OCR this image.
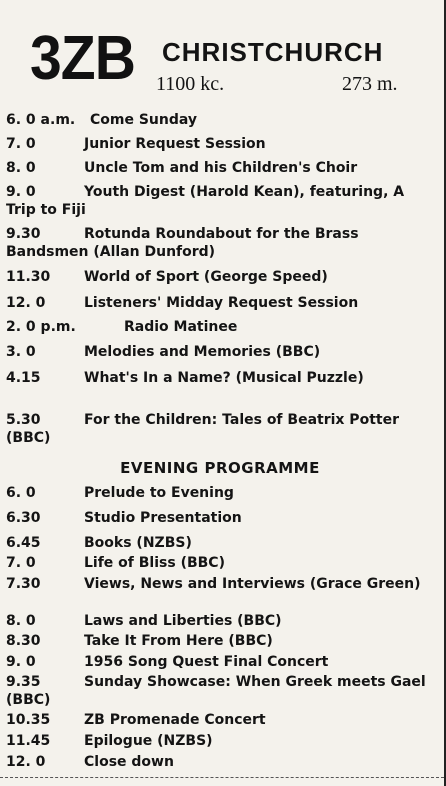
3ZB CHRISTCHURCH
1100 kc.	273 m.
6. 0 a.m. Come Sunday
7. 0	Junior Request Session
8. 0	Uncle Tom and his Children's Choir
9. 0	Youth Digest (Harold Kean), featuring, A Trip to Fiji
9.30	Rotunda Roundabout for the Brass Bandsmen (Allan Dunford)
11.30 World of Sport (George Speed)
12. 0	Listeners' Midday Request Session
2. 0 p.m.	Radio Matinee
3. 0	Melodies and Memories (BBC)
4.15	What's In a Name? (Musical Puzzle)
5.30	For the Children: Tales of Beatrix Potter (BBC)
EVENING PROGRAMME
6. 0	Prelude to Evening
6.30	Studio Presentation
6.45	Books (NZBS)
7. 0	Life of Bliss (BBC)
7.30	Views, News and Interviews (Grace Green)
8. 0	Laws and Liberties (BBC)
8.30	Take It From Here (BBC)
9. 0	1956 Song Quest Final Concert
9.35	Sunday Showcase: When Greek meets Gael (BBC)
10.35 ZB Promenade Concert
11.45 Epilogue (NZBS)
12. 0	Close down
